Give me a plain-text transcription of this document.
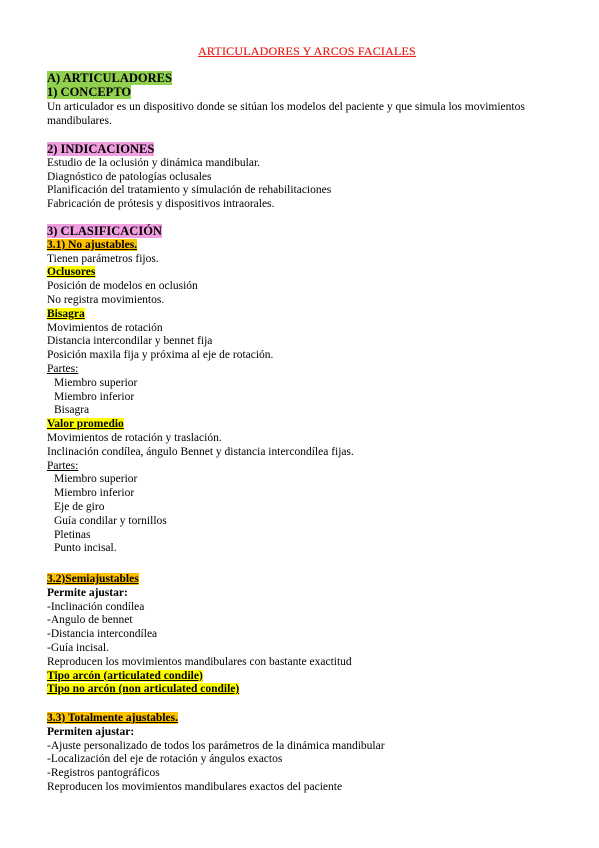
ARTICULADORES Y ARCOS FACIALES
A) ARTICULADORES
1) CONCEPTO
Un articulador es un dispositivo donde se sitúan los modelos del paciente y que simula los movimientos mandibulares.
2) INDICACIONES
Estudio de la oclusión y dinámica mandibular.
Diagnóstico de patologías oclusales
Planificación del tratamiento y simulación de rehabilitaciones
Fabricación de prótesis y dispositivos intraorales.
3) CLASIFICACIÓN
3.1) No ajustables.
Tienen parámetros fijos.
Oclusores
Posición de modelos en oclusión
No registra movimientos.
Bisagra
Movimientos de rotación
Distancia intercondilar y bennet fija
Posición maxila fija y próxima al eje de rotación.
Partes:
Miembro superior
Miembro inferior
Bisagra
Valor promedio
Movimientos de rotación y traslación.
Inclinación condílea, ángulo Bennet y distancia intercondílea fijas.
Partes:
Miembro superior
Miembro inferior
Eje de giro
Guía condilar y tornillos
Pletinas
Punto incisal.
3.2)Semiajustables
Permite ajustar:
-Inclinación condílea
-Angulo de bennet
-Distancia intercondílea
-Guía incisal.
Reproducen los movimientos mandibulares con bastante exactitud
Tipo arcón (articulated condile)
Tipo no arcón (non articulated condile)
3.3) Totalmente ajustables.
Permiten ajustar:
-Ajuste personalizado de todos los parámetros de la dinámica mandibular
-Localización del eje de rotación y ángulos exactos
-Registros pantográficos
Reproducen los movimientos mandibulares exactos del paciente
